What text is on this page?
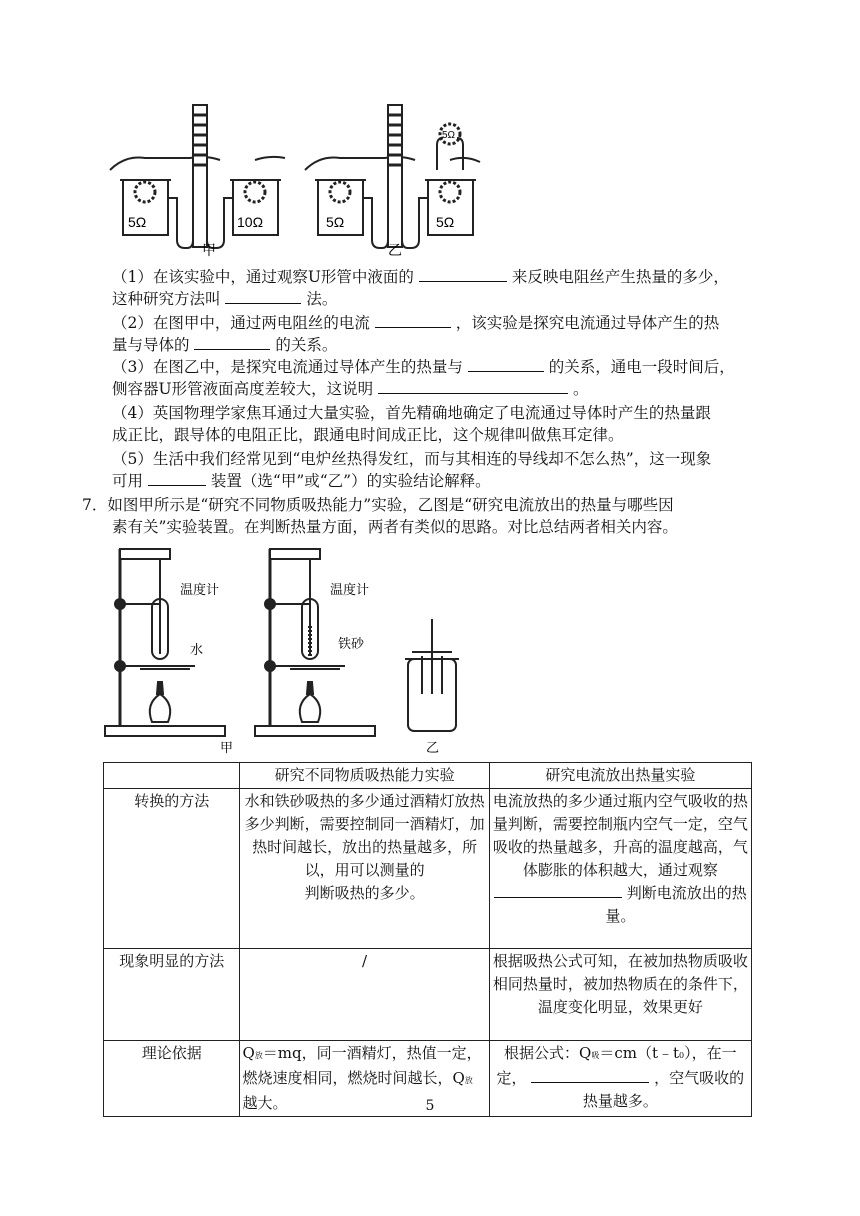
5Ω	10Ω
甲
5Ω	5Ω
5Ω
乙
（1）在该实验中，通过观察U形管中液面的	来反映电阻丝产生热量的多少，
这种研究方法叫	法。
（2）在图甲中，通过两电阻丝的电流	，该实验是探究电流通过导体产生的热
量与导体的	的关系。
（3）在图乙中，是探究电流通过导体产生的热量与	的关系，通电一段时间后，
侧容器U形管液面高度差较大，这说明	。
（4）英国物理学家焦耳通过大量实验，首先精确地确定了电流通过导体时产生的热量跟
成正比，跟导体的电阻正比，跟通电时间成正比，这个规律叫做焦耳定律。
（5）生活中我们经常见到“电炉丝热得发红，而与其相连的导线却不怎么热”，这一现象
可用	装置（选“甲”或“乙”）的实验结论解释。
7．如图甲所示是“研究不同物质吸热能力”实验，乙图是“研究电流放出的热量与哪些因
素有关”实验装置。在判断热量方面，两者有类似的思路。对比总结两者相关内容。
温度计
水
温度计
铁砂
甲	乙
	研究不同物质吸热能力实验	研究电流放出热量实验
转换的方法	水和铁砂吸热的多少通过酒精灯放热多少判断，需要控制同一酒精灯，加热时间越长，放出的热量越多，所以，用可以测量的
判断吸热的多少。	电流放热的多少通过瓶内空气吸收的热量判断，需要控制瓶内空气一定，空气吸收的热量越多，升高的温度越高，气体膨胀的体积越大，通过观察  判断电流放出的热量。
现象明显的方法	/	根据吸热公式可知，在被加热物质吸收相同热量时，被加热物质在的条件下，温度变化明显，效果更好
理论依据	Q放＝mq，同一酒精灯，热值一定，燃烧速度相同，燃烧时间越长，Q放越大。	根据公式：Q吸＝cm（t﹣t0），在一定， ，空气吸收的热量越多。
5
